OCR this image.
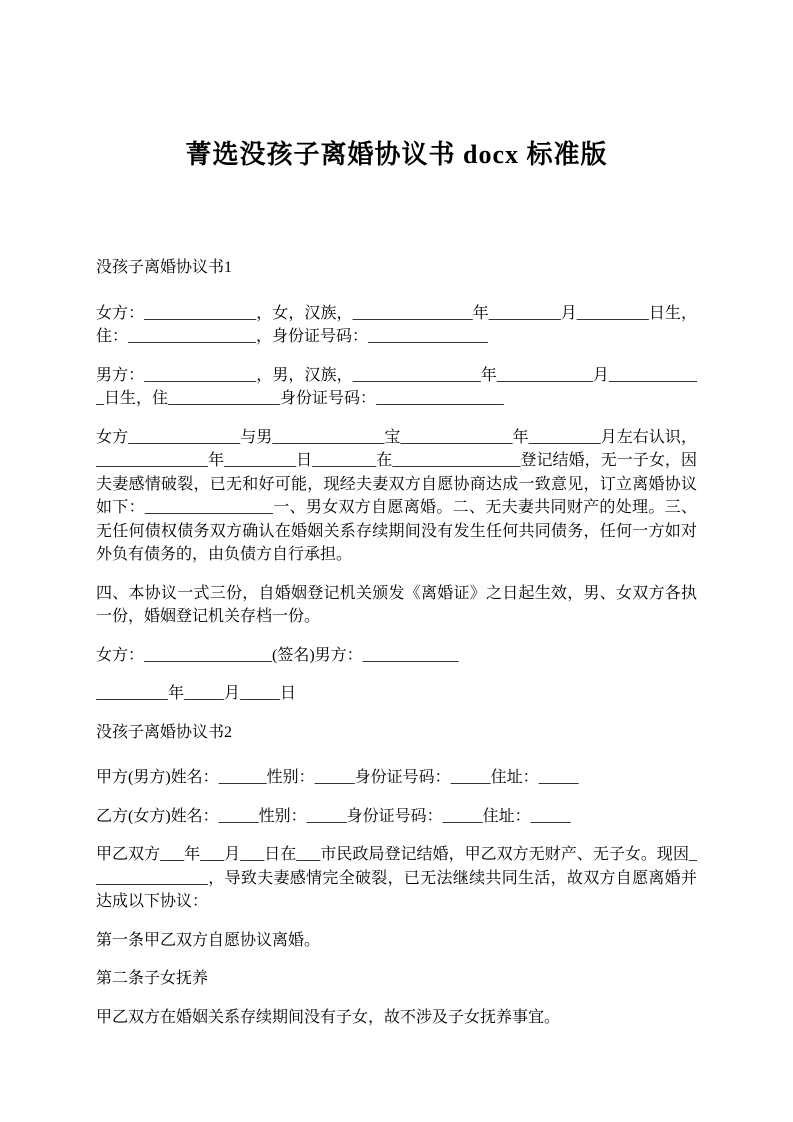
菁选没孩子离婚协议书 docx 标准版

没孩子离婚协议书1

女方：______________，女，汉族，_______________年_________月_________日生，住：________________，身份证号码：_______________

男方：______________，男，汉族，________________年____________月____________日生，住______________身份证号码：________________

女方______________与男______________宝______________年_________月左右认识，______________年_________日________在________________登记结婚，无一子女，因夫妻感情破裂，已无和好可能，现经夫妻双方自愿协商达成一致意见，订立离婚协议如下：________________一、男女双方自愿离婚。二、无夫妻共同财产的处理。三、无任何债权债务双方确认在婚姻关系存续期间没有发生任何共同债务，任何一方如对外负有债务的，由负债方自行承担。

四、本协议一式三份，自婚姻登记机关颁发《离婚证》之日起生效，男、女双方各执一份，婚姻登记机关存档一份。

女方：________________(签名)男方：____________

_________年_____月_____日

没孩子离婚协议书2

甲方(男方)姓名：______性别：_____身份证号码：_____住址：_____

乙方(女方)姓名：_____性别：_____身份证号码：_____住址：_____

甲乙双方___年___月___日在___市民政局登记结婚，甲乙双方无财产、无子女。现因_______________，导致夫妻感情完全破裂，已无法继续共同生活，故双方自愿离婚并达成以下协议：

第一条甲乙双方自愿协议离婚。

第二条子女抚养

甲乙双方在婚姻关系存续期间没有子女，故不涉及子女抚养事宜。
